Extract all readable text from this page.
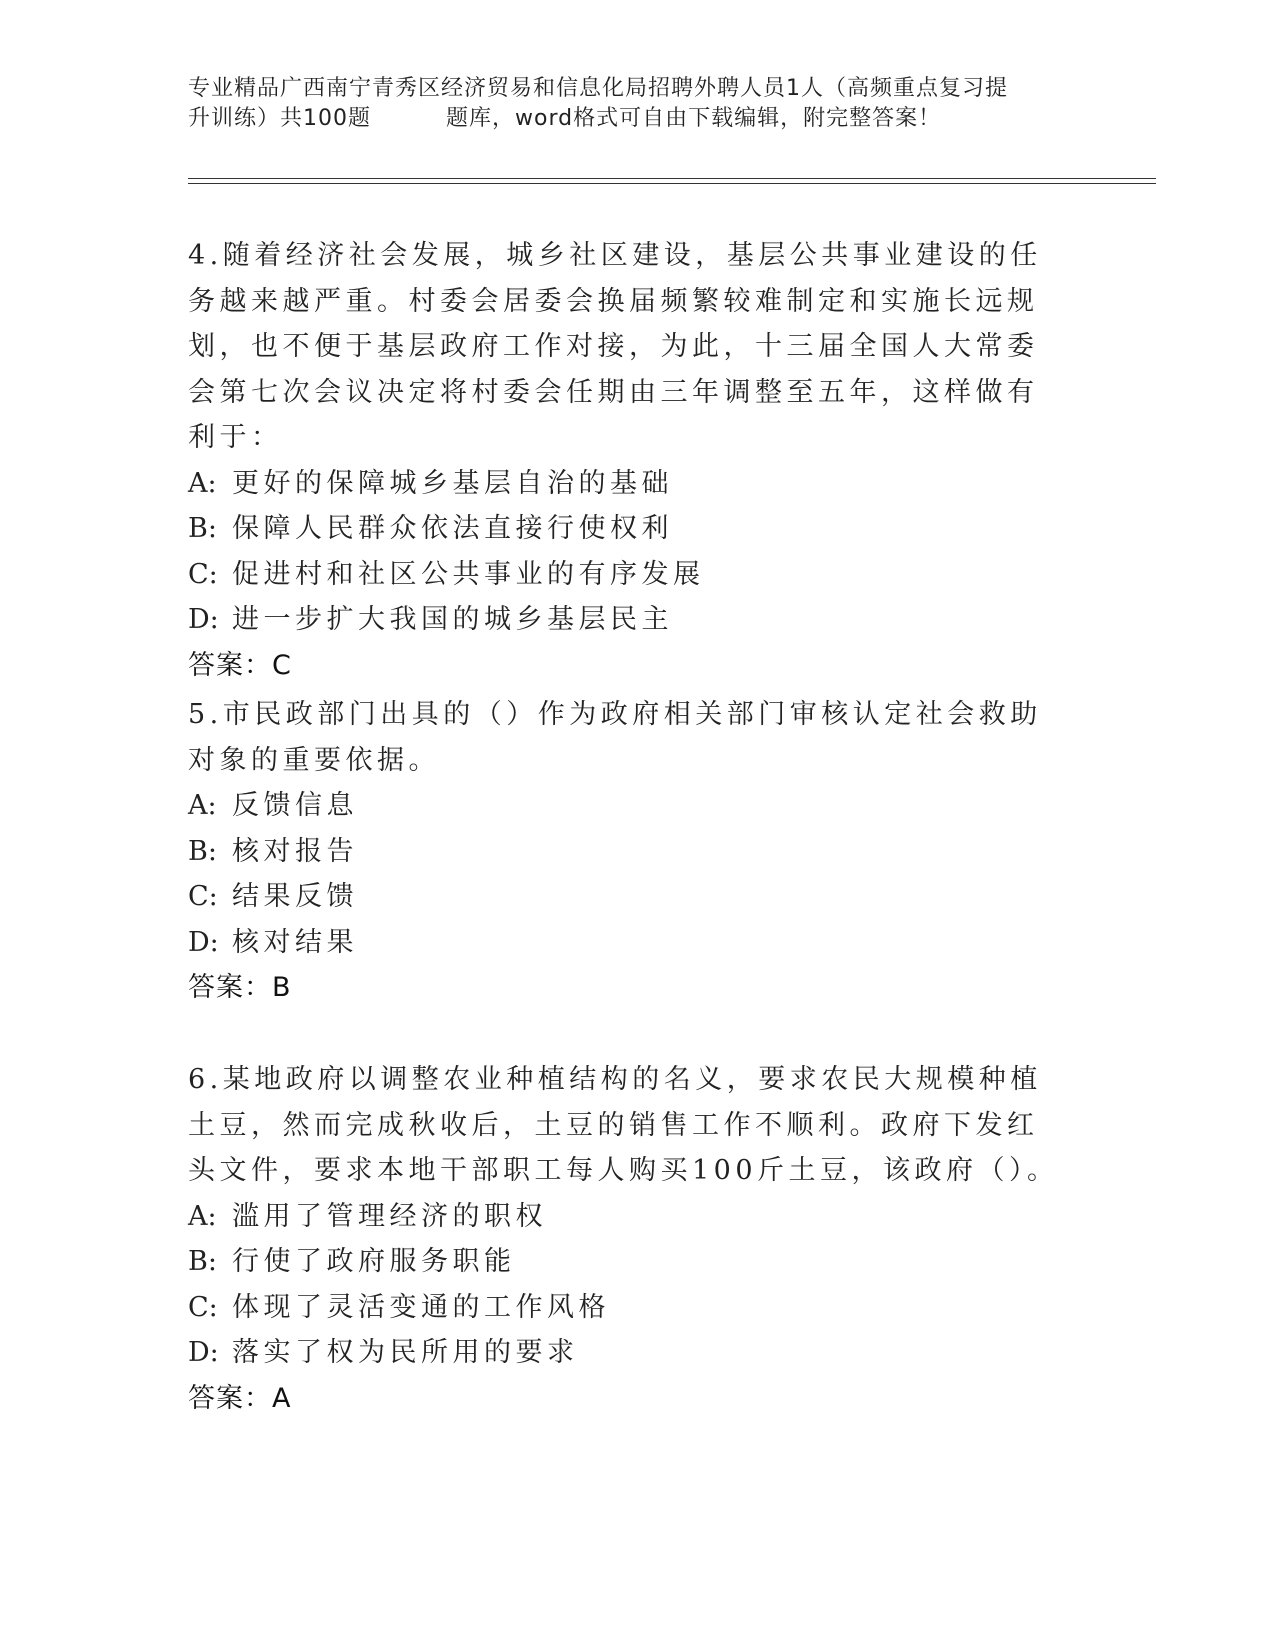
专业精品广西南宁青秀区经济贸易和信息化局招聘外聘人员1人（高频重点复习提
升训练）共100题	题库，word格式可自由下载编辑，附完整答案！

4.随着经济社会发展，城乡社区建设，基层公共事业建设的任务越来越严重。村委会居委会换届频繁较难制定和实施长远规划，也不便于基层政府工作对接，为此，十三届全国人大常委会第七次会议决定将村委会任期由三年调整至五年，这样做有利于：

A: 更好的保障城乡基层自治的基础

B: 保障人民群众依法直接行使权利

C: 促进村和社区公共事业的有序发展

D: 进一步扩大我国的城乡基层民主

答案：C

5.市民政部门出具的（）作为政府相关部门审核认定社会救助对象的重要依据。

A: 反馈信息

B: 核对报告

C: 结果反馈

D: 核对结果

答案：B

6.某地政府以调整农业种植结构的名义，要求农民大规模种植土豆，然而完成秋收后，土豆的销售工作不顺利。政府下发红头文件，要求本地干部职工每人购买100斤土豆，该政府（）。

A: 滥用了管理经济的职权

B: 行使了政府服务职能

C: 体现了灵活变通的工作风格

D: 落实了权为民所用的要求

答案：A
